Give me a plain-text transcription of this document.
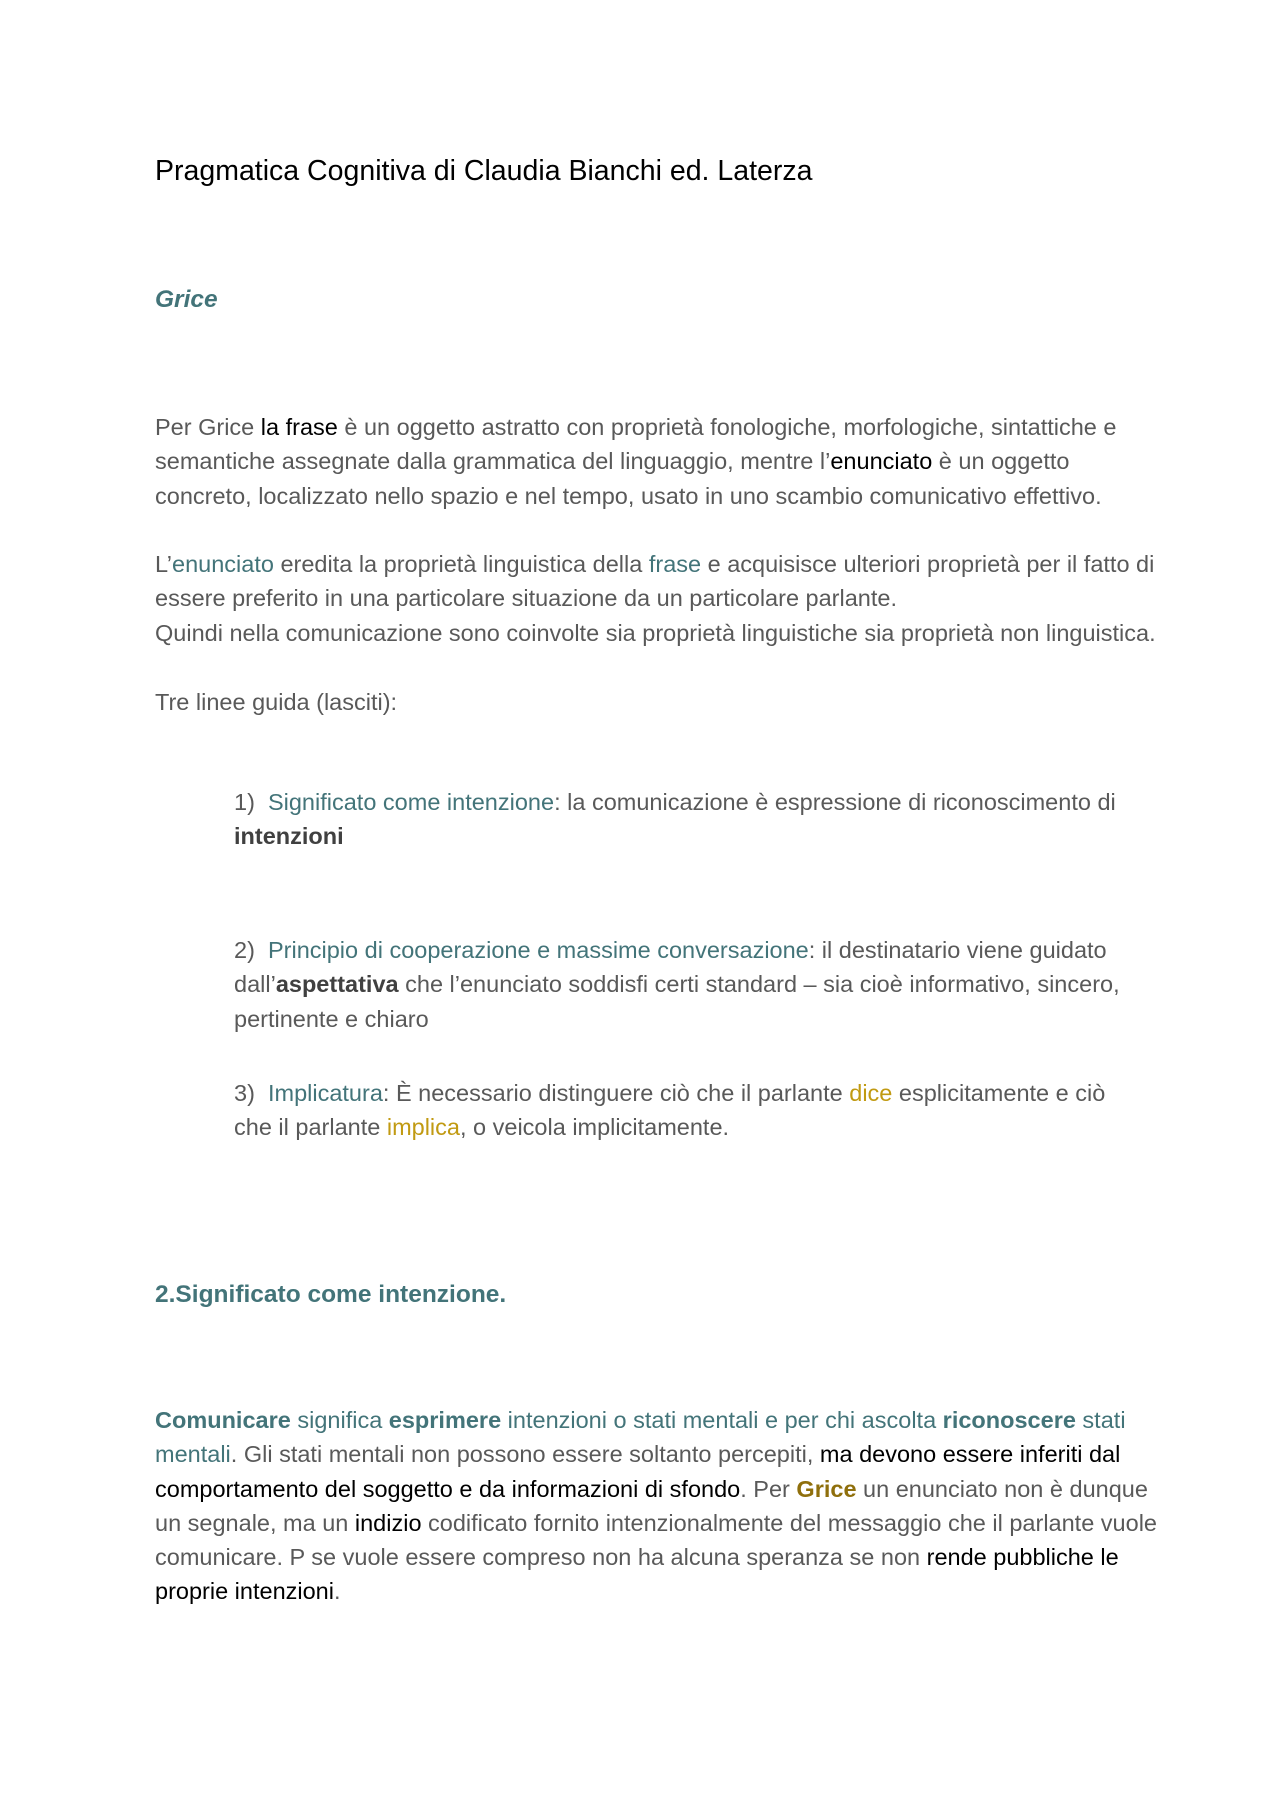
Pragmatica Cognitiva di Claudia Bianchi ed. Laterza
Grice
Per Grice la frase è un oggetto astratto con proprietà fonologiche, morfologiche, sintattiche e semantiche assegnate dalla grammatica del linguaggio, mentre l’enunciato è un oggetto concreto, localizzato nello spazio e nel tempo, usato in uno scambio comunicativo effettivo.
L’enunciato eredita la proprietà linguistica della frase e acquisisce ulteriori proprietà per il fatto di essere preferito in una particolare situazione da un particolare parlante.
Quindi nella comunicazione sono coinvolte sia proprietà linguistiche sia proprietà non linguistica.
Tre linee guida (lasciti):
1) Significato come intenzione: la comunicazione è espressione di riconoscimento di intenzioni
2) Principio di cooperazione e massime conversazione: il destinatario viene guidato dall’aspettativa che l’enunciato soddisfi certi standard – sia cioè informativo, sincero, pertinente e chiaro
3) Implicatura: È necessario distinguere ciò che il parlante dice esplicitamente e ciò che il parlante implica, o veicola implicitamente.
2.Significato come intenzione.
Comunicare significa esprimere intenzioni o stati mentali e per chi ascolta riconoscere stati mentali. Gli stati mentali non possono essere soltanto percepiti, ma devono essere inferiti dal comportamento del soggetto e da informazioni di sfondo. Per Grice un enunciato non è dunque un segnale, ma un indizio codificato fornito intenzionalmente del messaggio che il parlante vuole comunicare. P se vuole essere compreso non ha alcuna speranza se non rende pubbliche le proprie intenzioni.
